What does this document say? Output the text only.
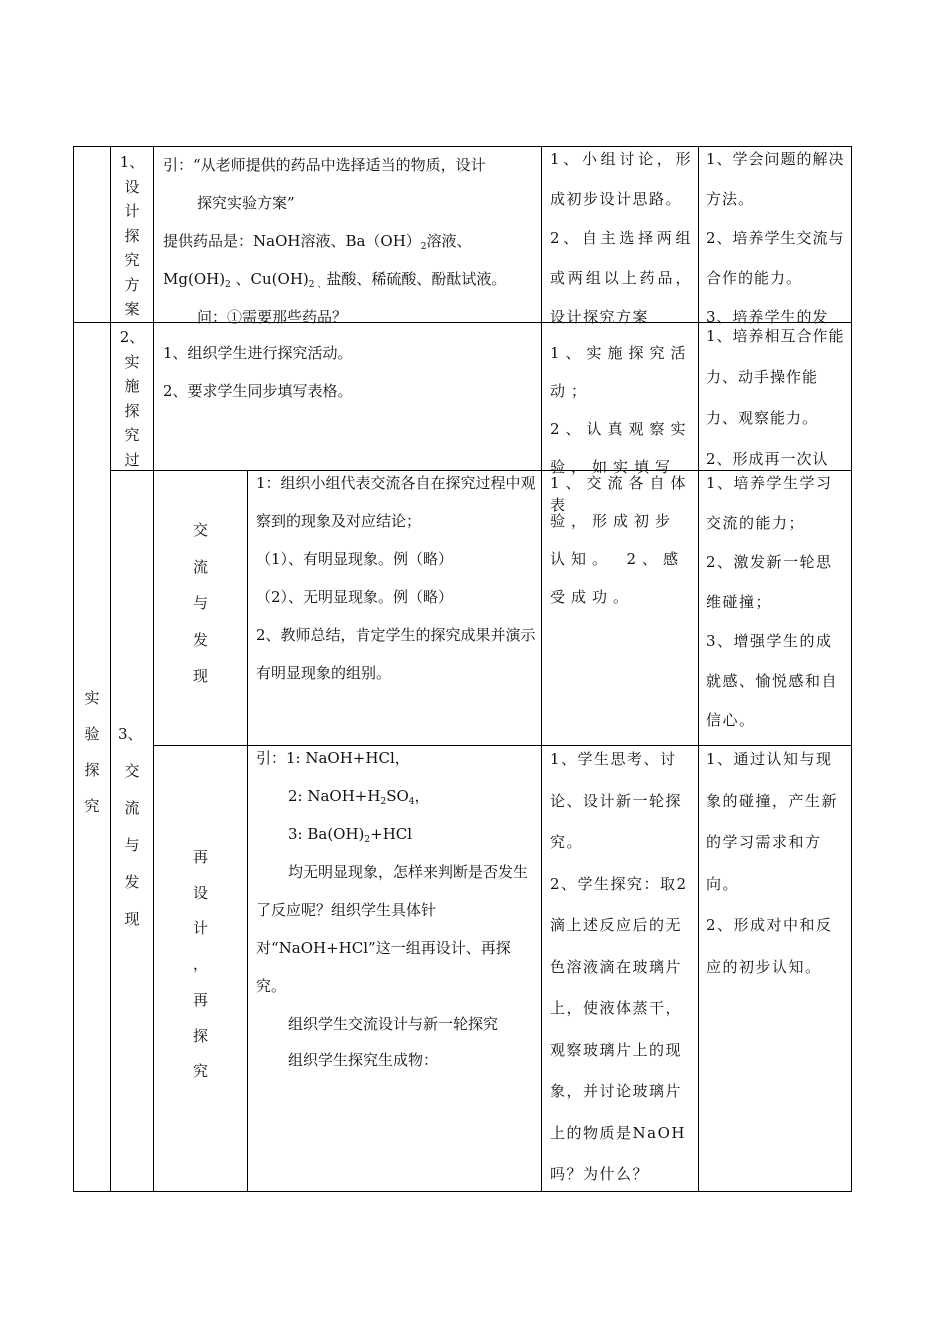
实
验
探
究
1、
设
计
探
究
方
案

引：“从老师提供的药品中选择适当的物质，设计

探究实验方案”

提供药品是：NaOH溶液、$Ba(OH)_2$溶液、

$Mg(OH)_2$ 、$Cu(OH)_{2 、}$盐酸、稀硫酸、酚酞试液。

问：①需要那些药品？

1、小组讨论，形成初步设计思路。

2、自主选择两组或两组以上药品，设计探究方案

1、学会问题的解决方法。

2、培养学生交流与合作的能力。

3、培养学生的发

2、
实
施
探
究
过

1、组织学生进行探究活动。

2、要求学生同步填写表格。

1、实施探究活动；

2、认真观察实验，如实填写表

1、培养相互合作能力、动手操作能力、观察能力。

2、形成再一次认

3、
交
流
与
发
现
交
流
与
发
现

1：组织小组代表交流各自在探究过程中观察到的现象及对应结论；

（1）、有明显现象。例（略）

（2）、无明显现象。例（略）

2、教师总结，肯定学生的探究成果并演示有明显现象的组别。

1、交流各自体验，形成初步认知。　2、感受成功。

1、培养学生学习交流的能力；

2、激发新一轮思维碰撞；

3、增强学生的成就感、愉悦感和自信心。

再
设
计
，
再
探
究

引：1: NaOH+HCl，

2: $NaOH+H_2SO_4$，

3: $Ba(OH)_2+HCl$

均无明显现象，怎样来判断是否发生了反应呢？组织学生具体针对“NaOH+HCl”这一组再设计、再探究。

组织学生交流设计与新一轮探究

组织学生探究生成物：

1、学生思考、讨论、设计新一轮探究。

2、学生探究：取2滴上述反应后的无色溶液滴在玻璃片上，使液体蒸干，观察玻璃片上的现象，并讨论玻璃片上的物质是NaOH吗？为什么？

1、通过认知与现象的碰撞，产生新的学习需求和方向。

2、形成对中和反应的初步认知。
